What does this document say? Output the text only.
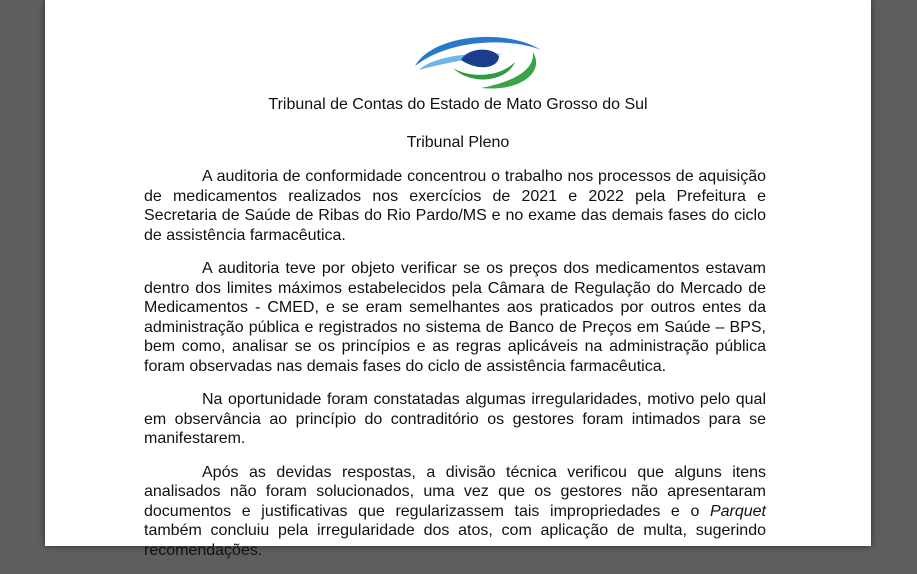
Tribunal de Contas do Estado de Mato Grosso do Sul
Tribunal Pleno

A auditoria de conformidade concentrou o trabalho nos processos de aquisição de medicamentos realizados nos exercícios de 2021 e 2022 pela Prefeitura e Secretaria de Saúde de Ribas do Rio Pardo/MS e no exame das demais fases do ciclo de assistência farmacêutica.

A auditoria teve por objeto verificar se os preços dos medicamentos estavam dentro dos limites máximos estabelecidos pela Câmara de Regulação do Mercado de Medicamentos - CMED, e se eram semelhantes aos praticados por outros entes da administração pública e registrados no sistema de Banco de Preços em Saúde – BPS, bem como, analisar se os princípios e as regras aplicáveis na administração pública foram observadas nas demais fases do ciclo de assistência farmacêutica.

Na oportunidade foram constatadas algumas irregularidades, motivo pelo qual em observância ao princípio do contraditório os gestores foram intimados para se manifestarem.

Após as devidas respostas, a divisão técnica verificou que alguns itens analisados não foram solucionados, uma vez que os gestores não apresentaram documentos e justificativas que regularizassem tais impropriedades e o Parquet também concluiu pela irregularidade dos atos, com aplicação de multa, sugerindo recomendações.
